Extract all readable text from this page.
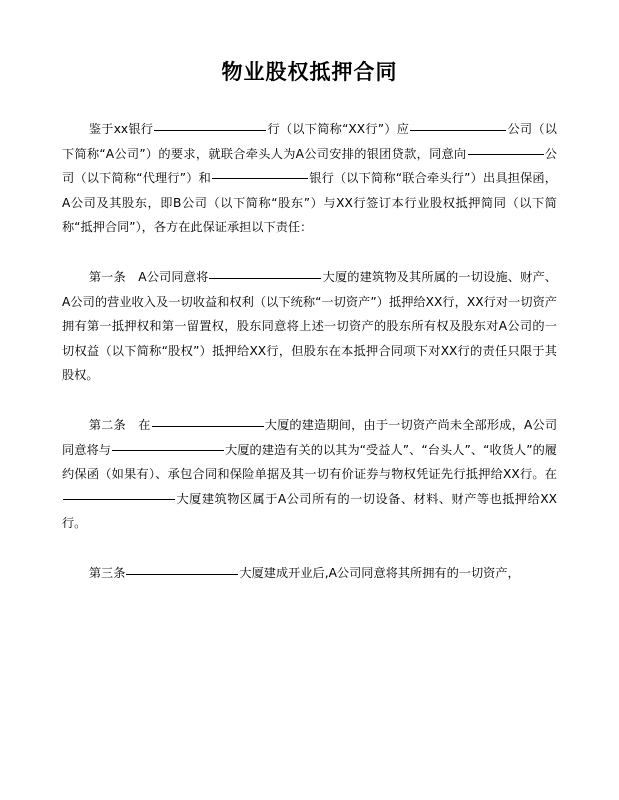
物业股权抵押合同
鉴于xx银行	行（以下简称“XX行”）应	公司（以下简称“A公司”）的要求，就联合牵头人为A公司安排的银团贷款，同意向	公司（以下简称“代理行”）和	银行（以下简称“联合牵头行”）出具担保函，A公司及其股东，即B公司（以下简称“股东”）与XX行签订本行业股权抵押简同（以下简称“抵押合同”），各方在此保证承担以下责任：
第一条　A公司同意将	大厦的建筑物及其所属的一切设施、财产、A公司的营业收入及一切收益和权利（以下统称“一切资产”）抵押给XX行，XX行对一切资产拥有第一抵押权和第一留置权，股东同意将上述一切资产的股东所有权及股东对A公司的一切权益（以下简称“股权”）抵押给XX行，但股东在本抵押合同项下对XX行的责任只限于其股权。
第二条　在	大厦的建造期间，由于一切资产尚未全部形成，A公司同意将与	大厦的建造有关的以其为“受益人”、“台头人”、“收货人”的履约保函（如果有）、承包合同和保险单据及其一切有价证券与物权凭证先行抵押给XX行。在 大厦建筑物区属于A公司所有的一切设备、材料、财产等也抵押给XX行。
第三条	大厦建成开业后,A公司同意将其所拥有的一切资产，
